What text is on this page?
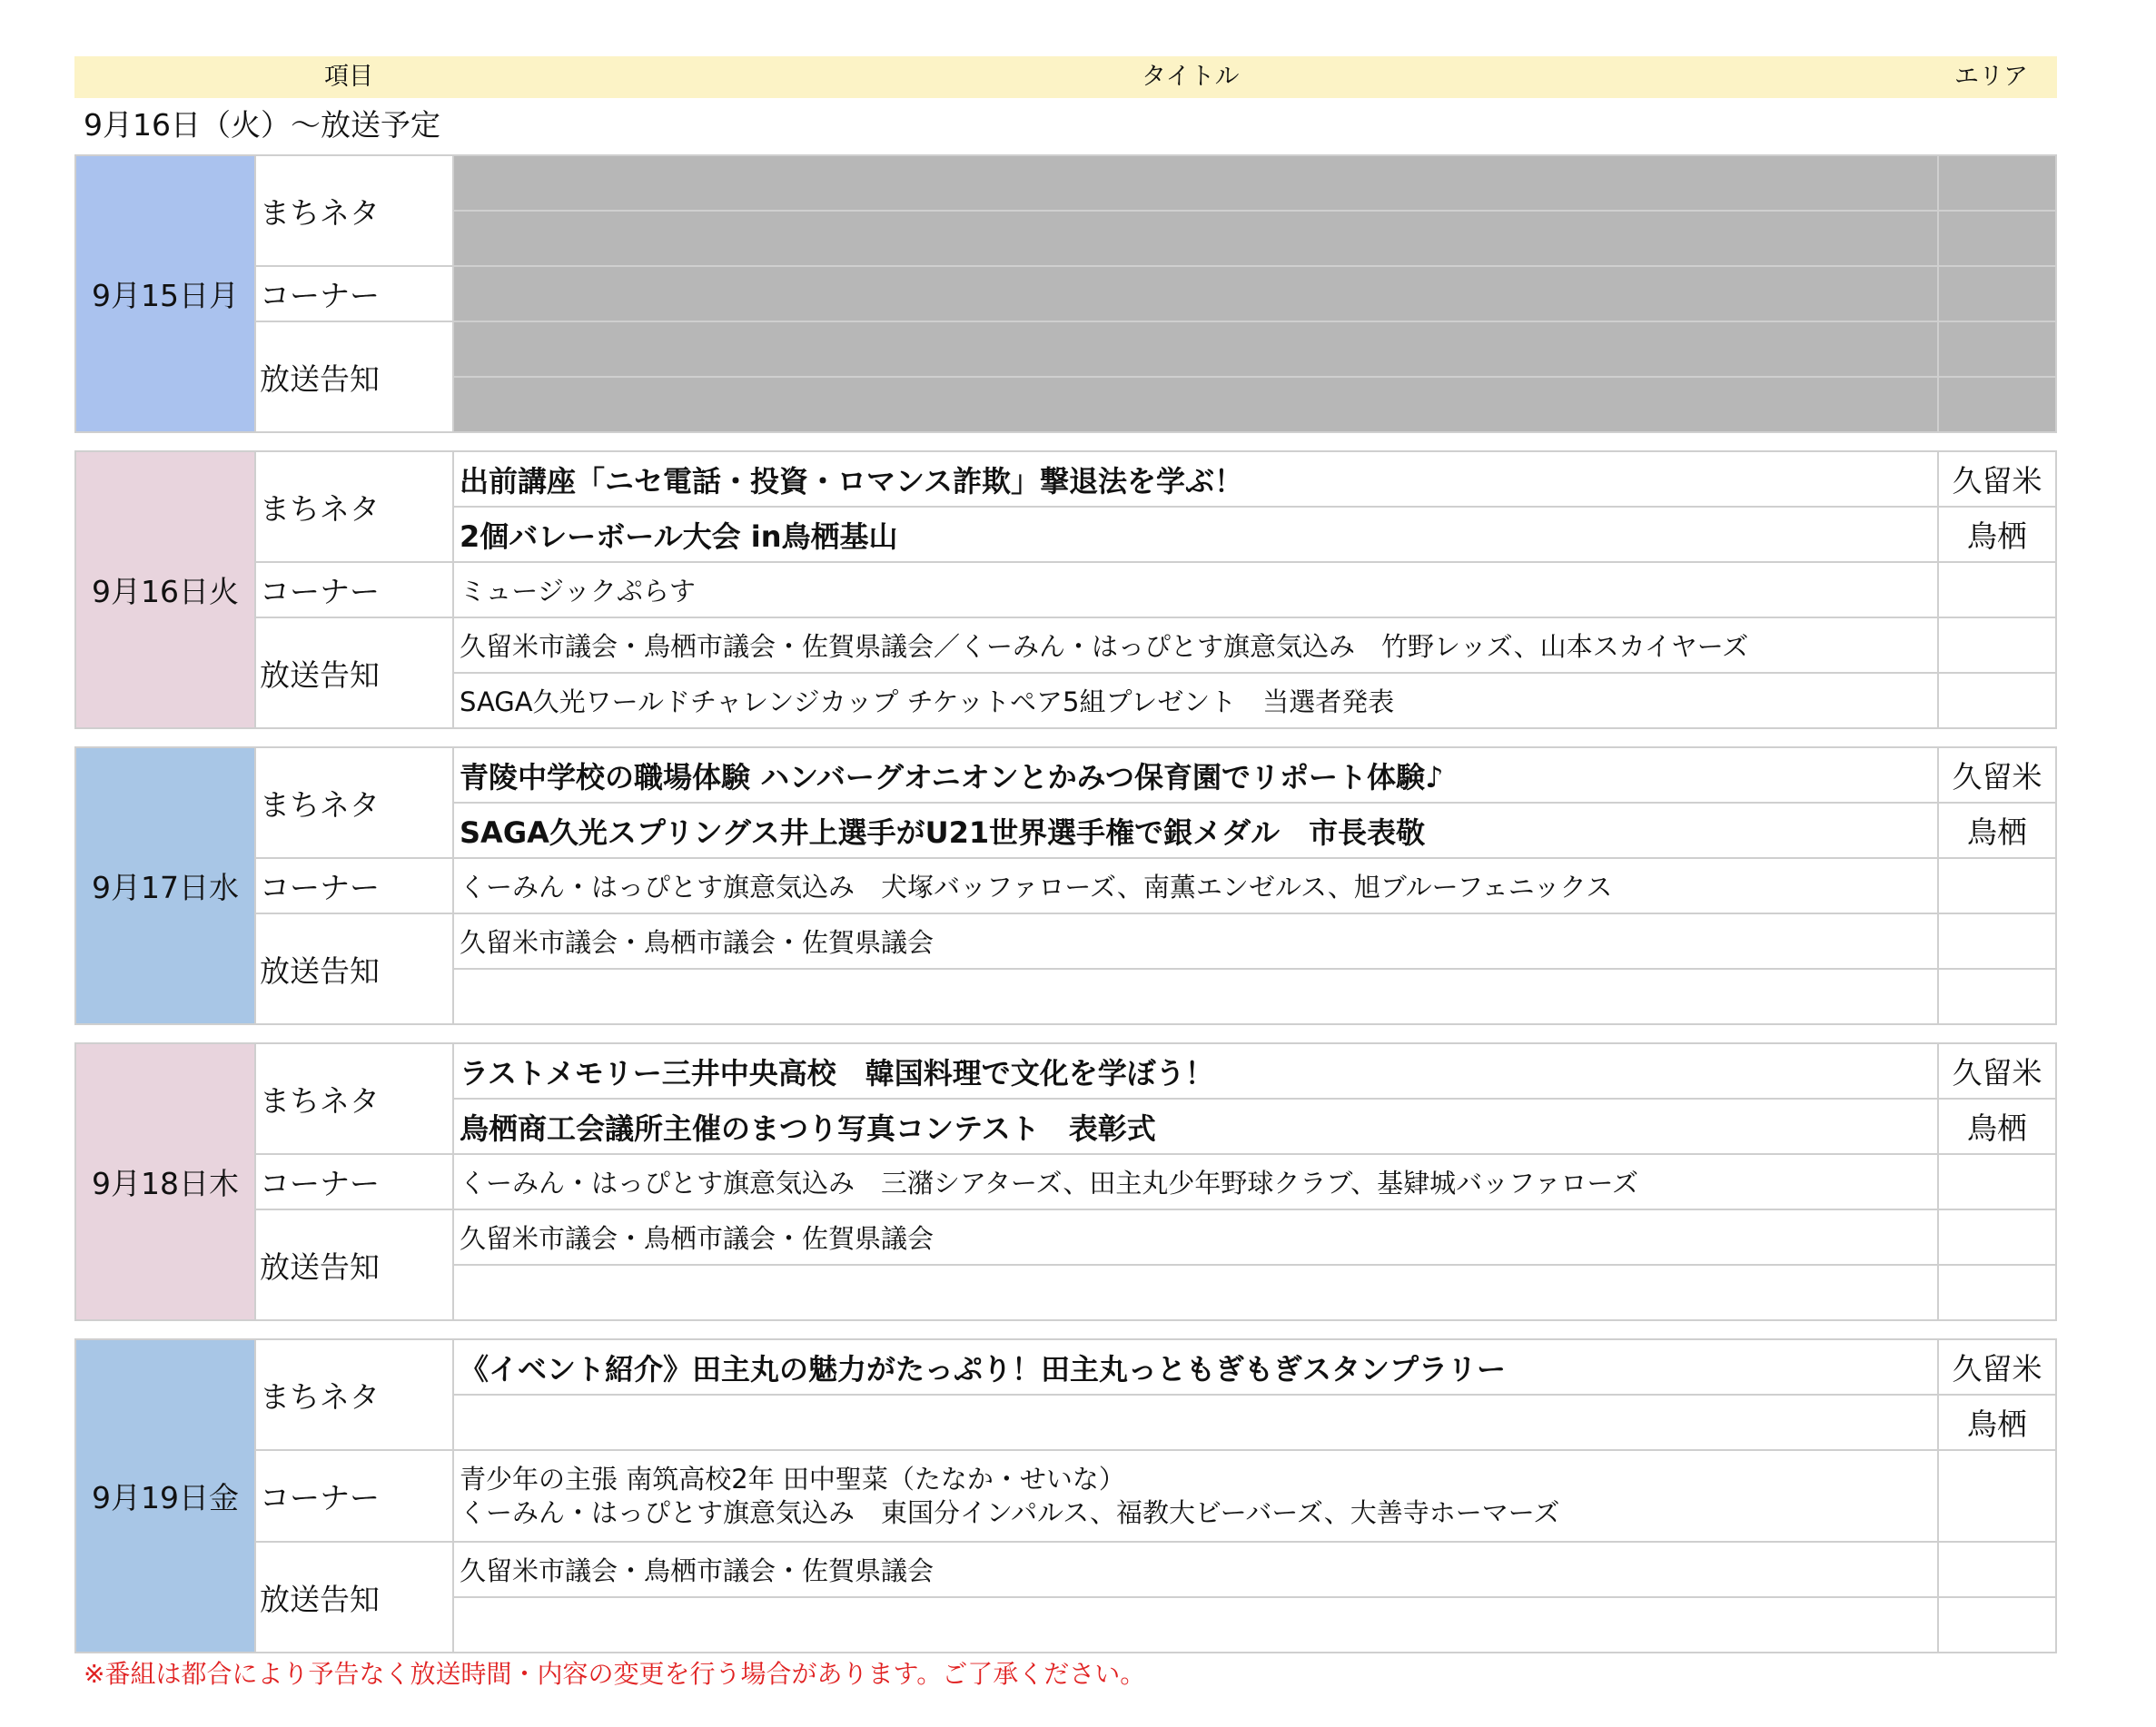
項目	タイトル	エリア
9月16日（火）〜放送予定
9月15日月	まちネタ		

	コーナー		
	放送告知		

9月16日火	まちネタ	出前講座「ニセ電話・投資・ロマンス詐欺」撃退法を学ぶ！	久留米
		2個バレーボール大会 in鳥栖基山	鳥栖
	コーナー	ミュージックぷらす	
	放送告知	久留米市議会・鳥栖市議会・佐賀県議会／くーみん・はっぴとす旗意気込み　竹野レッズ、山本スカイヤーズ	
		SAGA久光ワールドチャレンジカップ チケットペア5組プレゼント　当選者発表	
9月17日水	まちネタ	青陵中学校の職場体験 ハンバーグオニオンとかみつ保育園でリポート体験♪	久留米
		SAGA久光スプリングス井上選手がU21世界選手権で銀メダル　市長表敬	鳥栖
	コーナー	くーみん・はっぴとす旗意気込み　犬塚バッファローズ、南薫エンゼルス、旭ブルーフェニックス	
	放送告知	久留米市議会・鳥栖市議会・佐賀県議会	

9月18日木	まちネタ	ラストメモリー三井中央高校　韓国料理で文化を学ぼう！	久留米
		鳥栖商工会議所主催のまつり写真コンテスト　表彰式	鳥栖
	コーナー	くーみん・はっぴとす旗意気込み　三潴シアターズ、田主丸少年野球クラブ、基肄城バッファローズ	
	放送告知	久留米市議会・鳥栖市議会・佐賀県議会	

9月19日金	まちネタ	《イベント紹介》田主丸の魅力がたっぷり！田主丸っともぎもぎスタンプラリー	久留米
			鳥栖
	コーナー	青少年の主張 南筑高校2年 田中聖菜（たなか・せいな）
くーみん・はっぴとす旗意気込み　東国分インパルス、福教大ビーバーズ、大善寺ホーマーズ	

	放送告知	久留米市議会・鳥栖市議会・佐賀県議会	

※番組は都合により予告なく放送時間・内容の変更を行う場合があります。ご了承ください。
